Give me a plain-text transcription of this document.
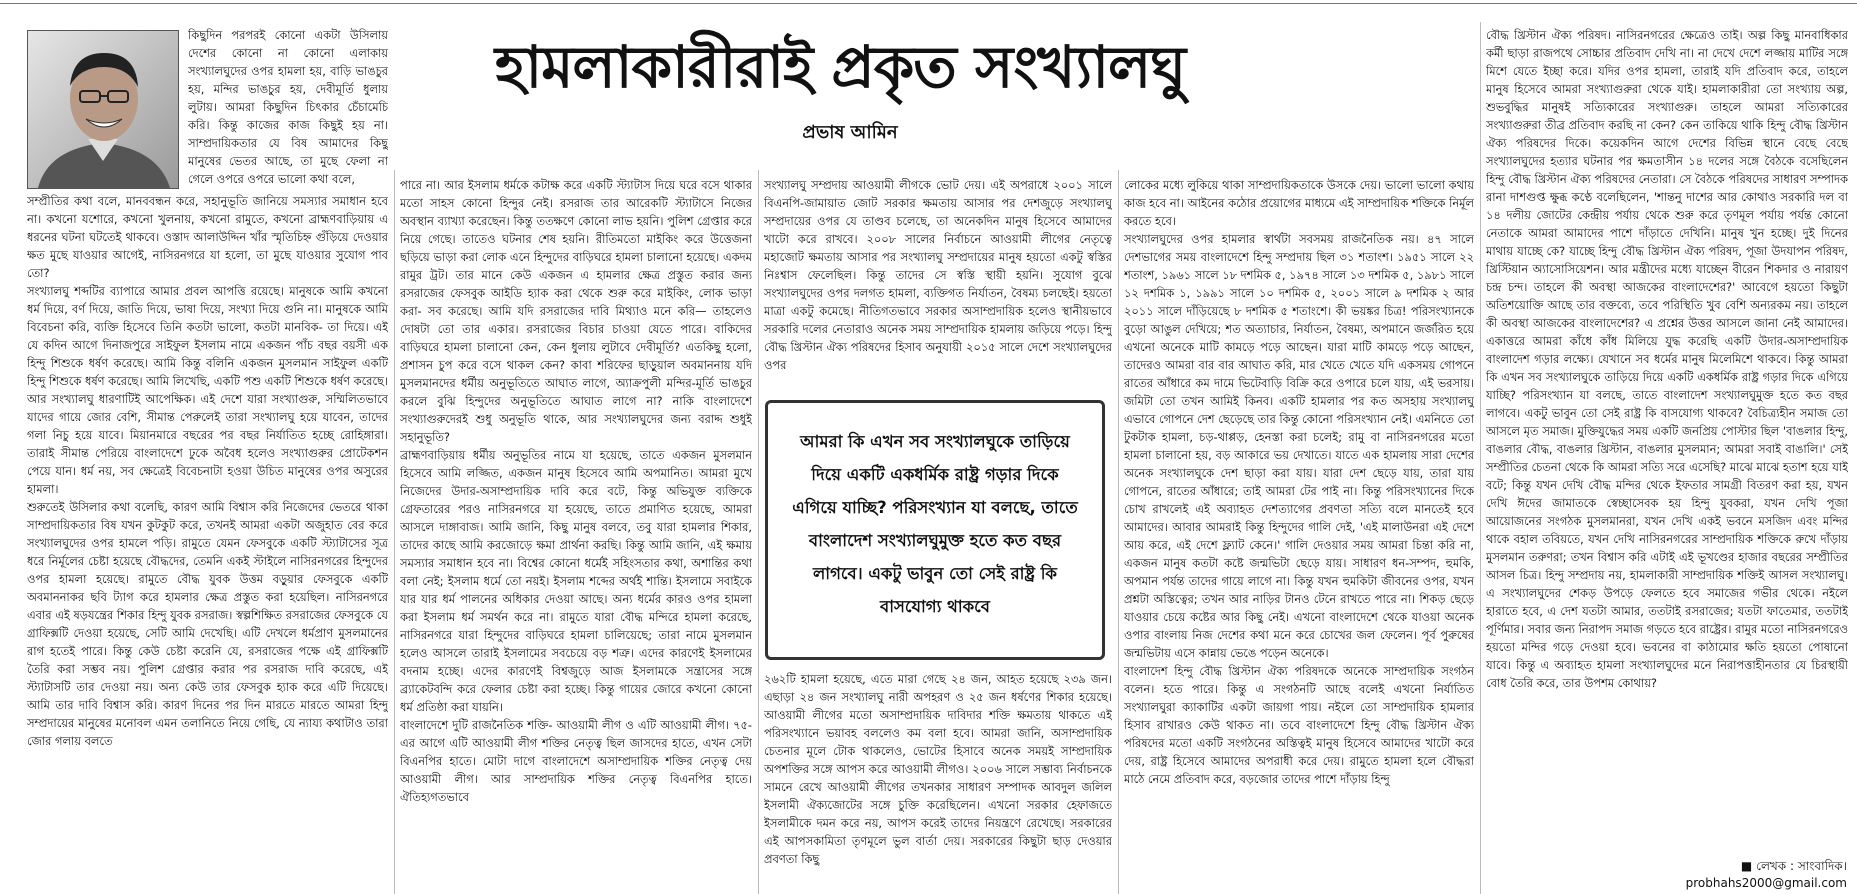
কিছুদিন পরপরই কোনো একটা উসিলায় দেশের কোনো না কোনো এলাকায় সংখ্যালঘুদের ওপর হামলা হয়, বাড়ি ভাঙচুর হয়, মন্দির ভাঙচুর হয়, দেবীমূর্তি ধুলায় লুটায়। আমরা কিছুদিন চিৎকার চেঁচামেচি করি। কিন্তু কাজের কাজ কিছুই হয় না। সাম্প্রদায়িকতার যে বিষ আমাদের কিছু মানুষের ভেতর আছে, তা মুছে ফেলা না গেলে ওপরে ওপরে ভালো কথা বলে,

সম্প্রীতির কথা বলে, মানববন্ধন করে, সহানুভূতি জানিয়ে সমস্যার সমাধান হবে না। কখনো যশোরে, কখনো খুলনায়, কখনো রামুতে, কখনো ব্রাহ্মণবাড়িয়ায় এ ধরনের ঘটনা ঘটতেই থাকবে। ওস্তাদ আলাউদ্দিন খাঁর স্মৃতিচিহ্ন গুঁড়িয়ে দেওয়ার ক্ষত মুছে যাওয়ার আগেই, নাসিরনগরে যা হলো, তা মুছে যাওয়ার সুযোগ পাব তো?
সংখ্যালঘু শব্দটির ব্যাপারে আমার প্রবল আপত্তি রয়েছে। মানুষকে আমি কখনো ধর্ম দিয়ে, বর্ণ দিয়ে, জাতি দিয়ে, ভাষা দিয়ে, সংখ্যা দিয়ে গুনি না। মানুষকে আমি বিবেচনা করি, ব্যক্তি হিসেবে তিনি কতটা ভালো, কতটা মানবিক- তা দিয়ে। এই যে কদিন আগে দিনাজপুরে সাইফুল ইসলাম নামে একজন পাঁচ বছর বয়সী এক হিন্দু শিশুকে ধর্ষণ করেছে। আমি কিন্তু বলিনি একজন মুসলমান সাইফুল একটি হিন্দু শিশুকে ধর্ষণ করেছে। আমি লিখেছি, একটি পশু একটি শিশুকে ধর্ষণ করেছে। আর সংখ্যালঘু ধারণাটিই আপেক্ষিক। এই দেশে যারা সংখ্যাগুরু, সম্মিলিতভাবে যাদের গায়ে জোর বেশি, সীমান্ত পেরুলেই তারা সংখ্যালঘু হয়ে যাবেন, তাদের গলা নিচু হয়ে যাবে। মিয়ানমারে বছরের পর বছর নির্যাতিত হচ্ছে রোহিঙ্গারা। তারাই সীমান্ত পেরিয়ে বাংলাদেশে ঢুকে অবৈধ হলেও সংখ্যাগুরুর প্রোটেকশন পেয়ে যান। ধর্ম নয়, সব ক্ষেত্রেই বিবেচনাটা হওয়া উচিত মানুষের ওপর অসুরের হামলা।
শুরুতেই উসিলার কথা বলেছি, কারণ আমি বিশ্বাস করি নিজেদের ভেতরে থাকা সাম্প্রদায়িকতার বিষ যখন কুটকুট করে, তখনই আমরা একটা অজুহাত বের করে সংখ্যালঘুদের ওপর হামলে পড়ি। রামুতে যেমন ফেসবুকে একটি স্ট্যাটাসের সূত্র ধরে নির্মূলের চেষ্টা হয়েছে বৌদ্ধদের, তেমনি একই স্টাইলে নাসিরনগরের হিন্দুদের ওপর হামলা হয়েছে। রামুতে বৌদ্ধ যুবক উত্তম বড়ুয়ার ফেসবুকে একটি অবমাননাকর ছবি ট্যাগ করে হামলার ক্ষেত্র প্রস্তুত করা হয়েছিল। নাসিরনগরে এবার এই ষড়যন্ত্রের শিকার হিন্দু যুবক রসরাজ। স্বল্পশিক্ষিত রসরাজের ফেসবুকে যে গ্রাফিক্সটি দেওয়া হয়েছে, সেটি আমি দেখেছি। এটি দেখলে ধর্মপ্রাণ মুসলমানের রাগ হতেই পারে। কিন্তু কেউ চেষ্টা করেনি যে, রসরাজের পক্ষে এই গ্রাফিক্সটি তৈরি করা সম্ভব নয়। পুলিশ গ্রেপ্তার করার পর রসরাজ দাবি করেছে, এই স্ট্যাটাসটি তার দেওয়া নয়। অন্য কেউ তার ফেসবুক হ্যাক করে এটি দিয়েছে। আমি তার দাবি বিশ্বাস করি। কারণ দিনের পর দিন মারতে মারতে আমরা হিন্দু সম্প্রদায়ের মানুষের মনোবল এমন তলানিতে নিয়ে গেছি, যে ন্যায্য কথাটাও তারা জোর গলায় বলতে

হামলাকারীরাই প্রকৃত সংখ্যালঘু
প্রভাষ আমিন

পারে না। আর ইসলাম ধর্মকে কটাক্ষ করে একটি স্ট্যাটাস দিয়ে ঘরে বসে থাকার মতো সাহস কোনো হিন্দুর নেই। রসরাজ তার আরেকটি স্ট্যাটাসে নিজের অবস্থান ব্যাখ্যা করেছেন। কিন্তু ততক্ষণে কোনো লাভ হয়নি। পুলিশ গ্রেপ্তার করে নিয়ে গেছে। তাতেও ঘটনার শেষ হয়নি। রীতিমতো মাইকিং করে উত্তেজনা ছড়িয়ে ভাড়া করা লোক এনে হিন্দুদের বাড়িঘরে হামলা চালানো হয়েছে। একদম রামুর ট্রট। তার মানে কেউ একজন এ হামলার ক্ষেত্র প্রস্তুত করার জন্য রসরাজের ফেসবুক আইডি হ্যাক করা থেকে শুরু করে মাইকিং, লোক ভাড়া করা- সব করেছে। আমি যদি রসরাজের দাবি মিথ্যাও মনে করি— তাহলেও দোষটা তো তার একার। রসরাজের বিচার চাওয়া যেতে পারে। বাকিদের বাড়িঘরে হামলা চালানো কেন, কেন ধুলায় লুটাবে দেবীমূর্তি? এতকিছু হলো, প্রশাসন চুপ করে বসে থাকল কেন? কাবা শরিফের ছাড়ুয়াল অবমাননায় যদি মুসলমানদের ধর্মীয় অনুভূতিতে আঘাত লাগে, অ্যাক্রপুলী মন্দির-মূর্তি ভাঙচুর করলে বুঝি হিন্দুদের অনুভূতিতে আঘাত লাগে না? নাকি বাংলাদেশে সংখ্যাগুরুদেরই শুধু অনুভূতি থাকে, আর সংখ্যালঘুদের জন্য বরাদ্দ শুধুই সহানুভূতি?
ব্রাহ্মণবাড়িয়ায় ধর্মীয় অনুভূতির নামে যা হয়েছে, তাতে একজন মুসলমান হিসেবে আমি লজ্জিত, একজন মানুষ হিসেবে আমি অপমানিত। আমরা মুখে নিজেদের উদার-অসাম্প্রদায়িক দাবি করে বটে, কিন্তু অভিযুক্ত ব্যক্তিকে গ্রেফতারের পরও নাসিরনগরে যা হয়েছে, তাতে প্রমাণিত হয়েছে, আমরা আসলে দাঙ্গাবাজ। আমি জানি, কিছু মানুষ বলবে, তবু যারা হামলার শিকার, তাদের কাছে আমি করজোড়ে ক্ষমা প্রার্থনা করছি। কিন্তু আমি জানি, এই ক্ষমায় সমস্যার সমাধান হবে না। বিশ্বের কোনো ধর্মেই সহিংসতার কথা, অশান্তির কথা বলা নেই; ইসলাম ধর্মে তো নয়ই। ইসলাম শব্দের অর্থই শান্তি। ইসলামে সবাইকে যার যার ধর্ম পালনের অধিকার দেওয়া আছে। অন্য ধর্মের কারও ওপর হামলা করা ইসলাম ধর্ম সমর্থন করে না। রামুতে যারা বৌদ্ধ মন্দিরে হামলা করেছে, নাসিরনগরে যারা হিন্দুদের বাড়িঘরে হামলা চালিয়েছে; তারা নামে মুসলমান হলেও আসলে তারাই ইসলামের সবচেয়ে বড় শত্রু। এদের কারণেই ইসলামের বদনাম হচ্ছে। এদের কারণেই বিশ্বজুড়ে আজ ইসলামকে সন্ত্রাসের সঙ্গে ব্র্যাকেটবন্দি করে ফেলার চেষ্টা করা হচ্ছে। কিন্তু গায়ের জোরে কখনো কোনো ধর্ম প্রতিষ্ঠা করা যায়নি।
বাংলাদেশে দুটি রাজনৈতিক শক্তি- আওয়ামী লীগ ও এটি আওয়ামী লীগ। ৭৫-এর আগে এটি আওয়ামী লীগ শক্তির নেতৃত্ব ছিল জাসদের হাতে, এখন সেটা বিএনপির হাতে। মোটা দাগে বাংলাদেশে অসাম্প্রদায়িক শক্তির নেতৃত্ব দেয় আওয়ামী লীগ। আর সাম্প্রদায়িক শক্তির নেতৃত্ব বিএনপির হাতে। ঐতিহ্যগতভাবে

সংখ্যালঘু সম্প্রদায় আওয়ামী লীগকে ভোট দেয়। এই অপরাধে ২০০১ সালে বিএনপি-জামায়াত জোট সরকার ক্ষমতায় আসার পর দেশজুড়ে সংখ্যালঘু সম্প্রদায়ের ওপর যে তাণ্ডব চলেছে, তা অনেকদিন মানুষ হিসেবে আমাদের খাটো করে রাখবে। ২০০৮ সালের নির্বাচনে আওয়ামী লীগের নেতৃত্বে মহাজোট ক্ষমতায় আসার পর সংখ্যালঘু সম্প্রদায়ের মানুষ হয়তো একটু স্বস্তির নিঃশ্বাস ফেলেছিল। কিন্তু তাদের সে স্বস্তি স্থায়ী হয়নি। সুযোগ বুঝে সংখ্যালঘুদের ওপর দলগত হামলা, ব্যক্তিগত নির্যাতন, বৈষম্য চলছেই। হয়তো মাত্রা একটু কমেছে। নীতিগতভাবে সরকার অসাম্প্রদায়িক হলেও স্থানীয়ভাবে সরকারি দলের নেতারাও অনেক সময় সাম্প্রদায়িক হামলায় জড়িয়ে পড়ে। হিন্দু বৌদ্ধ খ্রিস্টান ঐক্য পরিষদের হিসাব অনুযায়ী ২০১৫ সালে দেশে সংখ্যালঘুদের ওপর

আমরা কি এখন সব সংখ্যালঘুকে তাড়িয়ে দিয়ে একটি একধর্মিক রাষ্ট্র গড়ার দিকে এগিয়ে যাচ্ছি? পরিসংখ্যান যা বলছে, তাতে বাংলাদেশ সংখ্যালঘুমুক্ত হতে কত বছর লাগবে। একটু ভাবুন তো সেই রাষ্ট্র কি বাসযোগ্য থাকবে

২৬২টি হামলা হয়েছে, এতে মারা গেছে ২৪ জন, আহত হয়েছে ২৩৯ জন। এছাড়া ২৪ জন সংখ্যালঘু নারী অপহরণ ও ২৫ জন ধর্ষণের শিকার হয়েছে। আওয়ামী লীগের মতো অসাম্প্রদায়িক দাবিদার শক্তি ক্ষমতায় থাকতে এই পরিসংখ্যানে ভয়াবহ বললেও কম বলা হবে। আমরা জানি, অসাম্প্রদায়িক চেতনার মূলে টোক থাকলেও, ভোটের হিসাবে অনেক সময়ই সাম্প্রদায়িক অপশক্তির সঙ্গে আপস করে আওয়ামী লীগও। ২০০৬ সালে সম্ভাব্য নির্বাচনকে সামনে রেখে আওয়ামী লীগের তখনকার সাধারণ সম্পাদক আবদুল জলিল ইসলামী ঐক্যজোটের সঙ্গে চুক্তি করেছিলেন। এখনো সরকার হেফাজতে ইসলামীকে দমন করে নয়, আপস করেই তাদের নিয়ন্ত্রণে রেখেছে। সরকারের এই আপসকামিতা তৃণমূলে ভুল বার্তা দেয়। সরকারের কিছুটা ছাড় দেওয়ার প্রবণতা কিছু

লোকের মধ্যে লুকিয়ে থাকা সাম্প্রদায়িকতাকে উসকে দেয়। ভালো ভালো কথায় কাজ হবে না। আইনের কঠোর প্রয়োগের মাধ্যমে এই সাম্প্রদায়িক শক্তিকে নির্মূল করতে হবে।
সংখ্যালঘুদের ওপর হামলার স্বার্থটা সবসময় রাজনৈতিক নয়। ৪৭ সালে দেশভাগের সময় বাংলাদেশে হিন্দু সম্প্রদায় ছিল ৩১ শতাংশ। ১৯৫১ সালে ২২ শতাংশ, ১৯৬১ সালে ১৮ দশমিক ৫, ১৯৭৪ সালে ১৩ দশমিক ৫, ১৯৮১ সালে ১২ দশমিক ১, ১৯৯১ সালে ১০ দশমিক ৫, ২০০১ সালে ৯ দশমিক ২ আর ২০১১ সালে দাঁড়িয়েছে ৮ দশমিক ৫ শতাংশে। কী ভয়ঙ্কর চিত্র! পরিসংখ্যানকে বুড়ো আঙুল দেখিয়ে; শত অত্যাচার, নির্যাতন, বৈষম্য, অপমানে জর্জরিত হয়ে এখনো অনেকে মাটি কামড়ে পড়ে আছেন। যারা মাটি কামড়ে পড়ে আছেন, তাদেরও আমরা বার বার আঘাত করি, মার খেতে খেতে যদি একসময় গোপনে রাতের আঁধারে কম দামে ভিটেবাড়ি বিক্রি করে ওপারে চলে যায়, এই ভরসায়। জমিটা তো তখন আমিই কিনব। একটি হামলার পর কত অসহায় সংখ্যালঘু এভাবে গোপনে দেশ ছেড়েছে তার কিন্তু কোনো পরিসংখ্যান নেই। এমনিতে তো টুকটাক হামলা, চড়-থাপ্পড়, হেনস্তা করা চলেই; রামু বা নাসিরনগরের মতো হামলা চালানো হয়, বড় আকারে ভয় দেখাতে। যাতে এক হামলায় সারা দেশের অনেক সংখ্যালঘুকে দেশ ছাড়া করা যায়। যারা দেশ ছেড়ে যায়, তারা যায় গোপনে, রাতের আঁধারে; তাই আমরা টের পাই না। কিন্তু পরিসংখ্যানের দিকে চোখ রাখলেই এই অব্যাহত দেশত্যাগের প্রবণতা সত্যি বলে মানতেই হবে আমাদের। আবার আমরাই কিন্তু হিন্দুদের গালি দেই, 'এই মালাউনরা এই দেশে আয় করে, এই দেশে ফ্ল্যাট কেনে।' গালি দেওয়ার সময় আমরা চিন্তা করি না, একজন মানুষ কতটা কষ্টে জন্মভিটা ছেড়ে যায়। সাধারণ ধন-সম্পদ, হুমকি, অপমান পর্যন্ত তাদের গায়ে লাগে না। কিন্তু যখন হুমকিটা জীবনের ওপর, যখন প্রশ্নটা অস্তিত্বের; তখন আর নাড়ির টানও টেনে রাখতে পারে না। শিকড় ছেড়ে যাওয়ার চেয়ে কষ্টের আর কিছু নেই। এখনো বাংলাদেশে থেকে যাওয়া অনেক ওপার বাংলায় নিজ দেশের কথা মনে করে চোখের জল ফেলেন। পূর্ব পুরুষের জন্মভিটায় এসে কান্নায় ভেঙে পড়েন অনেকে।
বাংলাদেশ হিন্দু বৌদ্ধ খ্রিস্টান ঐক্য পরিষদকে অনেকে সাম্প্রদায়িক সংগঠন বলেন। হতে পারে। কিন্তু এ সংগঠনটি আছে বলেই এখনো নির্যাতিত সংখ্যালঘুরা ক্যাকাটির একটা জায়গা পায়। নইলে তো সাম্প্রদায়িক হামলার হিসাব রাখারও কেউ থাকত না। তবে বাংলাদেশে হিন্দু বৌদ্ধ খ্রিস্টান ঐক্য পরিষদের মতো একটি সংগঠনের অস্তিত্বই মানুষ হিসেবে আমাদের খাটো করে দেয়, রাষ্ট্র হিসেবে আমাদের অপরাধী করে দেয়। রামুতে হামলা হলে বৌদ্ধরা মাঠে নেমে প্রতিবাদ করে, বড়জোর তাদের পাশে দাঁড়ায় হিন্দু

বৌদ্ধ খ্রিস্টান ঐক্য পরিষদ। নাসিরনগরের ক্ষেত্রেও তাই। অল্প কিছু মানবাধিকার কর্মী ছাড়া রাজপথে সোচ্চার প্রতিবাদ দেখি না। না দেখে দেশে লজ্জায় মাটির সঙ্গে মিশে যেতে ইচ্ছা করে। যদির ওপর হামলা, তারাই যদি প্রতিবাদ করে, তাহলে মানুষ হিসেবে আমরা সংখ্যাগুরুরা থেকে যাই। হামলাকারীরা তো সংখ্যায় অল্প, শুভবুদ্ধির মানুষই সত্যিকারের সংখ্যাগুরু। তাহলে আমরা সত্যিকারের সংখ্যাগুরুরা তীব্র প্রতিবাদ করছি না কেন? কেন তাকিয়ে থাকি হিন্দু বৌদ্ধ খ্রিস্টান ঐক্য পরিষদের দিকে। কয়েকদিন আগে দেশের বিভিন্ন স্থানে বেছে বেছে সংখ্যালঘুদের হত্যার ঘটনার পর ক্ষমতাসীন ১৪ দলের সঙ্গে বৈঠকে বসেছিলেন হিন্দু বৌদ্ধ খ্রিস্টান ঐক্য পরিষদের নেতারা। সে বৈঠকে পরিষদের সাধারণ সম্পাদক রানা দাশগুপ্ত ক্ষুব্ধ কণ্ঠে বলেছিলেন, 'শান্তনু দাশের আর কোথাও সরকারি দল বা ১৪ দলীয় জোটের কেন্দ্রীয় পর্যায় থেকে শুরু করে তৃণমূল পর্যায় পর্যন্ত কোনো নেতাকে আমরা আমাদের পাশে দাঁড়াতে দেখিনি। মানুষ খুন হচ্ছে। দুই দিনের মাথায় যাচ্ছে কে? যাচ্ছে হিন্দু বৌদ্ধ খ্রিস্টান ঐক্য পরিষদ, পূজা উদযাপন পরিষদ, খ্রিস্টিয়ান অ্যাসোসিয়েশন। আর মন্ত্রীদের মধ্যে যাচ্ছেন বীরেন শিকদার ও নারায়ণ চন্দ্র চন্দ। তাহলে কী অবস্থা আজকের বাংলাদেশের?' আবেগে হয়তো কিছুটা অতিশয়োক্তি আছে তার বক্তব্যে, তবে পরিস্থিতি খুব বেশি অন্যরকম নয়। তাহলে কী অবস্থা আজকের বাংলাদেশের? এ প্রশ্নের উত্তর আসলে জানা নেই আমাদের। একাত্তরে আমরা কাঁধে কাঁধ মিলিয়ে যুদ্ধ করেছি একটি উদার-অসাম্প্রদায়িক বাংলাদেশ গড়ার লক্ষ্যে। যেখানে সব ধর্মের মানুষ মিলেমিশে থাকবে। কিন্তু আমরা কি এখন সব সংখ্যালঘুকে তাড়িয়ে দিয়ে একটি একধর্মিক রাষ্ট্র গড়ার দিকে এগিয়ে যাচ্ছি? পরিসংখ্যান যা বলছে, তাতে বাংলাদেশ সংখ্যালঘুমুক্ত হতে কত বছর লাগবে। একটু ভাবুন তো সেই রাষ্ট্র কি বাসযোগ্য থাকবে? বৈচিত্র্যহীন সমাজ তো আসলে মৃত সমাজ। মুক্তিযুদ্ধের সময় একটি জনপ্রিয় পোস্টার ছিল 'বাঙলার হিন্দু, বাঙলার বৌদ্ধ, বাঙলার খ্রিস্টান, বাঙলার মুসলমান; আমরা সবাই বাঙালি।' সেই সম্প্রীতির চেতনা থেকে কি আমরা সত্যি সরে এসেছি? মাঝে মাঝে হতাশ হয়ে যাই বটে; কিন্তু যখন দেখি বৌদ্ধ মন্দির থেকে ইফতার সামগ্রী বিতরণ করা হয়, যখন দেখি ঈদের জামাতকে স্বেচ্ছাসেবক হয় হিন্দু যুবকরা, যখন দেখি পূজা আয়োজনের সংগঠক মুসলমানরা, যখন দেখি একই ভবনে মসজিদ এবং মন্দির থাকে বহাল তবিয়তে, যখন দেখি নাসিরনগরের সাম্প্রদায়িক শক্তিকে রুখে দাঁড়ায় মুসলমান তরুণরা; তখন বিশ্বাস করি এটাই এই ভূখণ্ডের হাজার বছরের সম্প্রীতির আসল চিত্র। হিন্দু সম্প্রদায় নয়, হামলাকারী সাম্প্রদায়িক শক্তিই আসল সংখ্যালঘু। এ সংখ্যালঘুদের শেকড় উপড়ে ফেলতে হবে সমাজের গভীর থেকে। নইলে হারাতে হবে, এ দেশ যতটা আমার, ততটাই রসরাজের; যতটা ফাতেমার, ততটাই পূর্ণিমার। সবার জন্য নিরাপদ সমাজ গড়তে হবে রাষ্ট্রের। রামুর মতো নাসিরনগরেও হয়তো মন্দির গড়ে দেওয়া হবে। ভবনের বা কাঠামোর ক্ষতি হয়তো পোষানো যাবে। কিন্তু এ অব্যাহত হামলা সংখ্যালঘুদের মনে নিরাপত্তাহীনতার যে চিরস্থায়ী বোধ তৈরি করে, তার উপশম কোথায়?

■ লেখক : সাংবাদিক।
probhahs2000@gmail.com
